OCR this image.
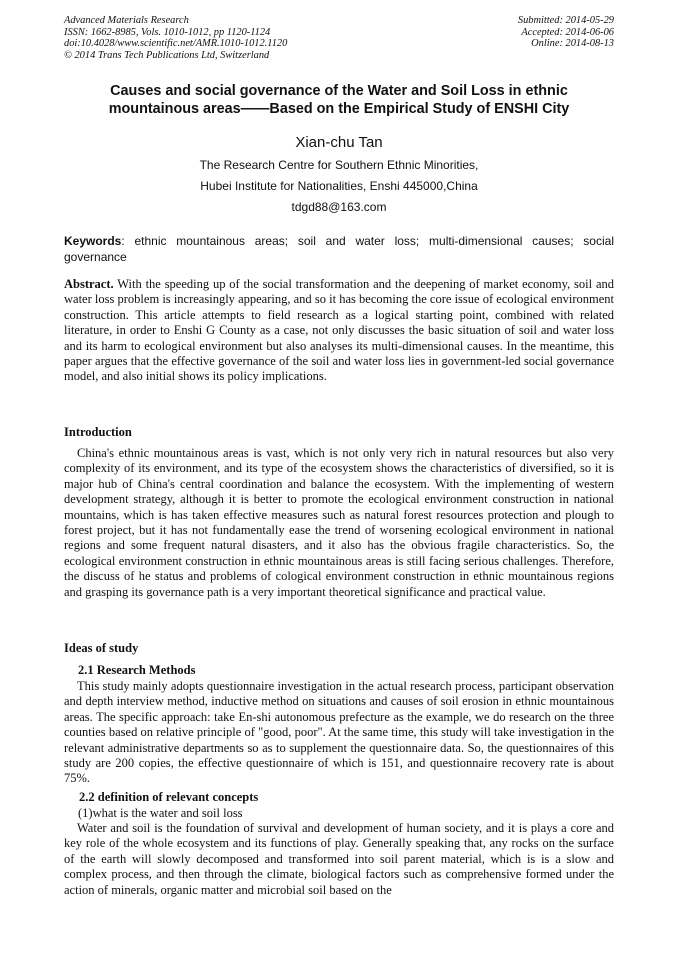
Advanced Materials Research
ISSN: 1662-8985, Vols. 1010-1012, pp 1120-1124
doi:10.4028/www.scientific.net/AMR.1010-1012.1120
© 2014 Trans Tech Publications Ltd, Switzerland
Submitted: 2014-05-29
Accepted: 2014-06-06
Online: 2014-08-13
Causes and social governance of the Water and Soil Loss in ethnic
mountainous areas——Based on the Empirical Study of ENSHI City
Xian-chu Tan
The Research Centre for Southern Ethnic Minorities,
Hubei Institute for Nationalities, Enshi 445000,China
tdgd88@163.com
Keywords: ethnic mountainous areas; soil and water loss; multi-dimensional causes; social governance
Abstract. With the speeding up of the social transformation and the deepening of market economy, soil and water loss problem is increasingly appearing, and so it has becoming the core issue of ecological environment construction. This article attempts to field research as a logical starting point, combined with related literature, in order to Enshi G County as a case, not only discusses the basic situation of soil and water loss and its harm to ecological environment but also analyses its multi-dimensional causes. In the meantime, this paper argues that the effective governance of the soil and water loss lies in government-led social governance model, and also initial shows its policy implications.
Introduction
China's ethnic mountainous areas is vast, which is not only very rich in natural resources but also very complexity of its environment, and its type of the ecosystem shows the characteristics of diversified, so it is major hub of China's central coordination and balance the ecosystem. With the implementing of western development strategy, although it is better to promote the ecological environment construction in national mountains, which is has taken effective measures such as natural forest resources protection and plough to forest project, but it has not fundamentally ease the trend of worsening ecological environment in national regions and some frequent natural disasters, and it also has the obvious fragile characteristics. So, the ecological environment construction in ethnic mountainous areas is still facing serious challenges. Therefore, the discuss of he status and problems of cological environment construction in ethnic mountainous regions and grasping its governance path is a very important theoretical significance and practical value.
Ideas of study
2.1 Research Methods
This study mainly adopts questionnaire investigation in the actual research process, participant observation and depth interview method, inductive method on situations and causes of soil erosion in ethnic mountainous areas. The specific approach: take En-shi autonomous prefecture as the example, we do research on the three counties based on relative principle of "good, poor". At the same time, this study will take investigation in the relevant administrative departments so as to supplement the questionnaire data. So, the questionnaires of this study are 200 copies, the effective questionnaire of which is 151, and questionnaire recovery rate is about 75%.
2.2 definition of relevant concepts
(1)what is the water and soil loss
Water and soil is the foundation of survival and development of human society, and it is plays a core and key role of the whole ecosystem and its functions of play. Generally speaking that, any rocks on the surface of the earth will slowly decomposed and transformed into soil parent material, which is is a slow and complex process, and then through the climate, biological factors such as comprehensive formed under the action of minerals, organic matter and microbial soil based on the
